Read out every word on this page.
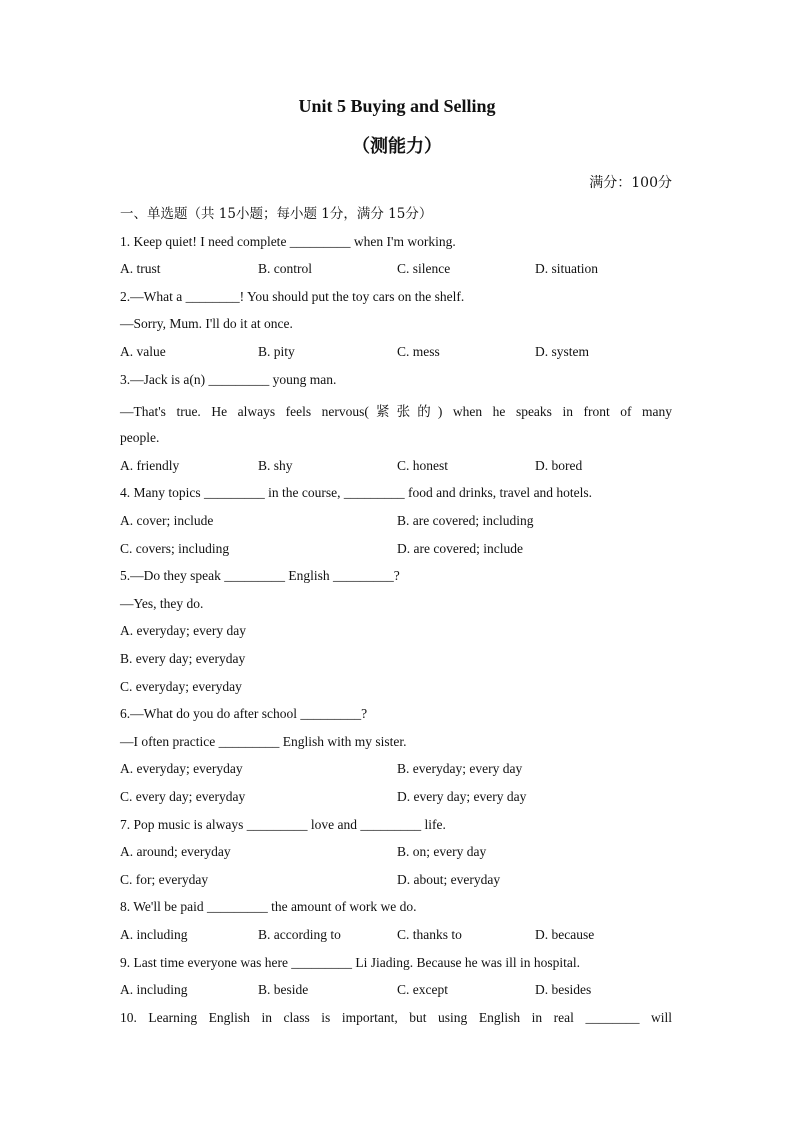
Unit 5 Buying and Selling
（测能力）
满分：100分
一、单选题（共 15小题；每小题 1分，满分 15分）
1. Keep quiet! I need complete _________ when I'm working.
A. trust	B. control	C. silence	D. situation
2.—What a ________! You should put the toy cars on the shelf.
—Sorry, Mum. I'll do it at once.
A. value	B. pity	C. mess	D. system
3.—Jack is a(n) _________ young man.
—That's true. He always feels nervous(紧张的) when he speaks in front of many
people.
A. friendly	B. shy	C. honest	D. bored
4. Many topics _________ in the course, _________ food and drinks, travel and hotels.
A. cover; include	B. are covered; including
C. covers; including	D. are covered; include
5.—Do they speak _________ English _________?
—Yes, they do.
A. everyday; every day
B. every day; everyday
C. everyday; everyday
6.—What do you do after school _________?
—I often practice _________ English with my sister.
A. everyday; everyday	B. everyday; every day
C. every day; everyday	D. every day; every day
7. Pop music is always _________ love and _________ life.
A. around; everyday	B. on; every day
C. for; everyday	D. about; everyday
8. We'll be paid _________ the amount of work we do.
A. including	B. according to	C. thanks to	D. because
9. Last time everyone was here _________ Li Jiading. Because he was ill in hospital.
A. including	B. beside	C. except	D. besides
10. Learning English in class is important, but using English in real ________ will
